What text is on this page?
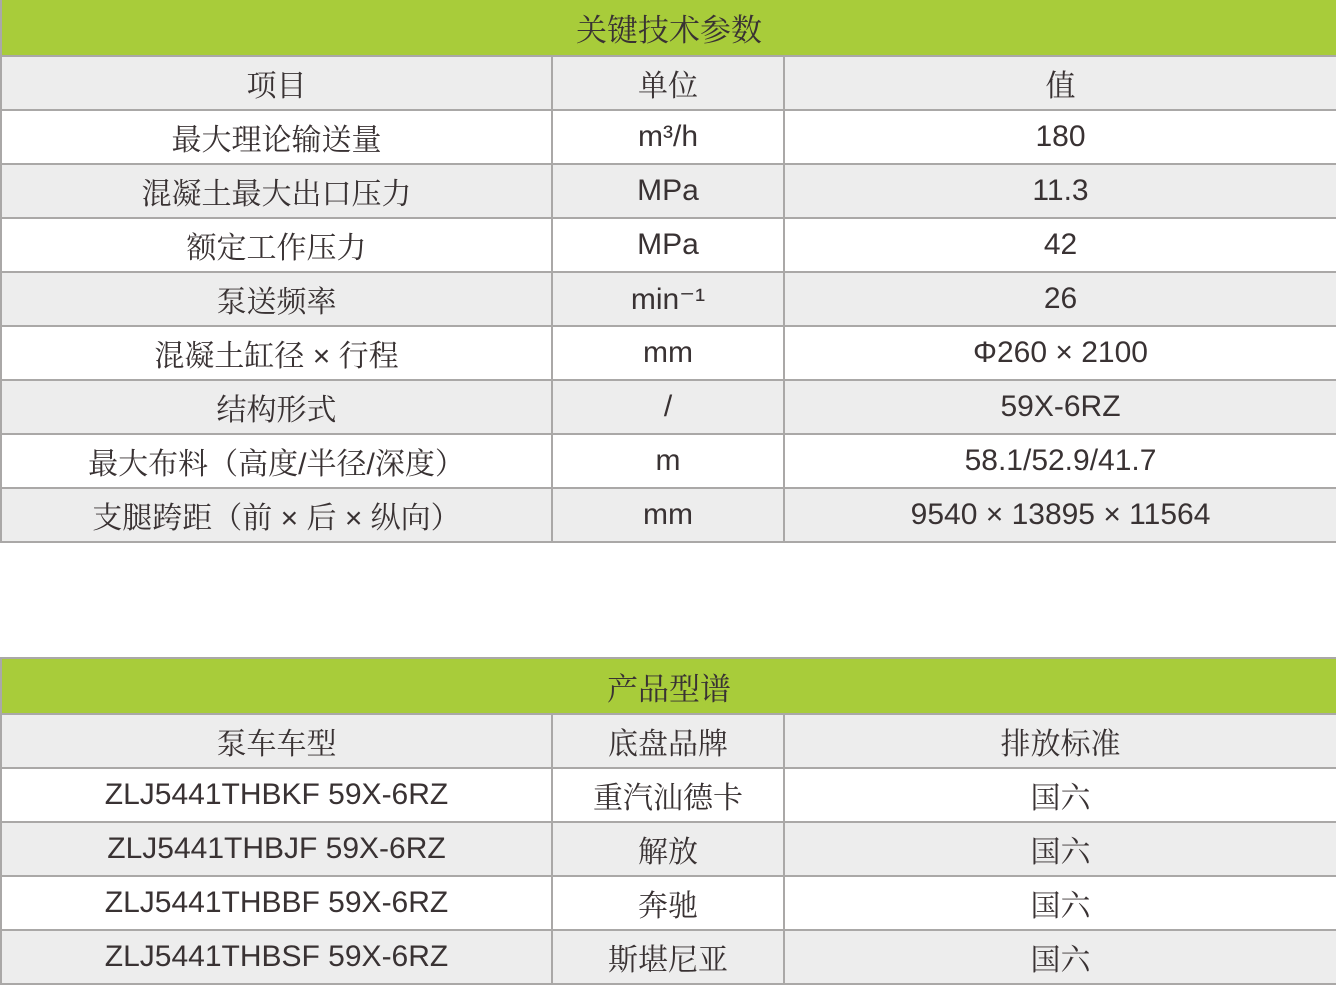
关键技术参数		
项目	单位	值
最大理论输送量	m³/h	180
混凝土最大出口压力	MPa	11.3
额定工作压力	MPa	42
泵送频率	min⁻¹	26
混凝土缸径 × 行程	mm	Φ260 × 2100
结构形式	/	59X-6RZ
最大布料（高度/半径/深度）	m	58.1/52.9/41.7
支腿跨距（前 × 后 × 纵向）	mm	9540 × 13895 × 11564
产品型谱		
泵车车型	底盘品牌	排放标准
ZLJ5441THBKF 59X-6RZ	重汽汕德卡	国六
ZLJ5441THBJF 59X-6RZ	解放	国六
ZLJ5441THBBF 59X-6RZ	奔驰	国六
ZLJ5441THBSF 59X-6RZ	斯堪尼亚	国六
